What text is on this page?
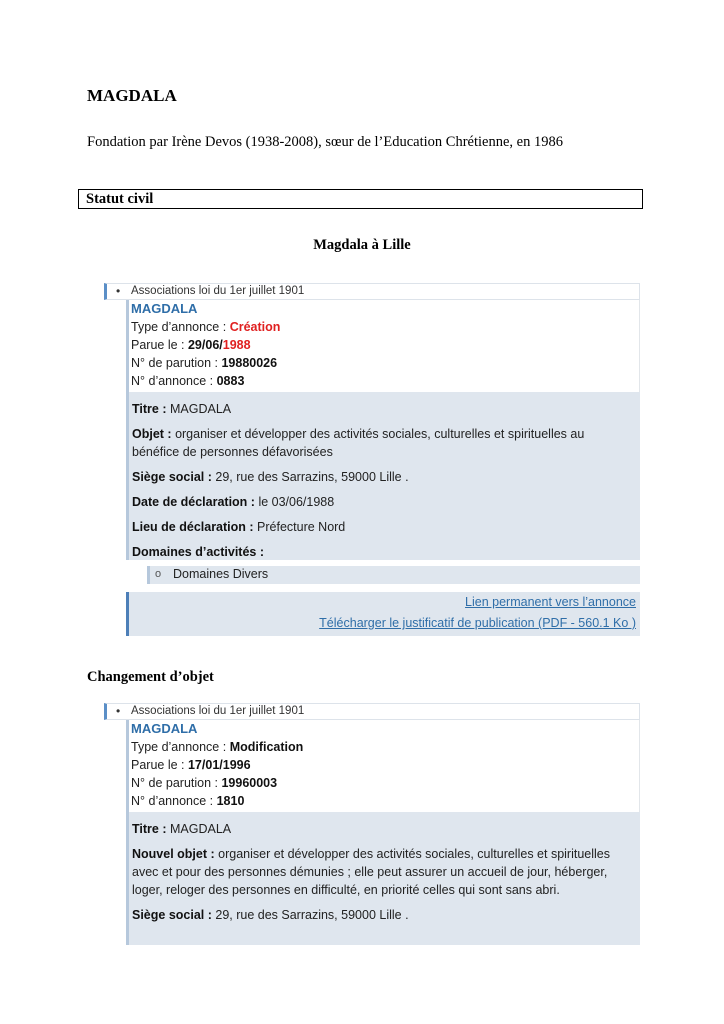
MAGDALA
Fondation par Irène Devos (1938-2008), sœur de l’Education Chrétienne, en 1986
Statut civil
Magdala à Lille
• Associations loi du 1er juillet 1901
MAGDALA
Type d’annonce : Création
Parue le : 29/06/1988
N° de parution : 19880026
N° d’annonce : 0883
Titre : MAGDALA
Objet : organiser et développer des activités sociales, culturelles et spirituelles au bénéfice de personnes défavorisées
Siège social : 29, rue des Sarrazins, 59000 Lille .
Date de déclaration : le 03/06/1988
Lieu de déclaration : Préfecture Nord
Domaines d’activités :
o Domaines Divers
Lien permanent vers l’annonce
Télécharger le justificatif de publication (PDF - 560.1 Ko )
Changement d’objet
• Associations loi du 1er juillet 1901
MAGDALA
Type d’annonce : Modification
Parue le : 17/01/1996
N° de parution : 19960003
N° d’annonce : 1810
Titre : MAGDALA
Nouvel objet : organiser et développer des activités sociales, culturelles et spirituelles avec et pour des personnes démunies ; elle peut assurer un accueil de jour, héberger, loger, reloger des personnes en difficulté, en priorité celles qui sont sans abri.
Siège social : 29, rue des Sarrazins, 59000 Lille .
